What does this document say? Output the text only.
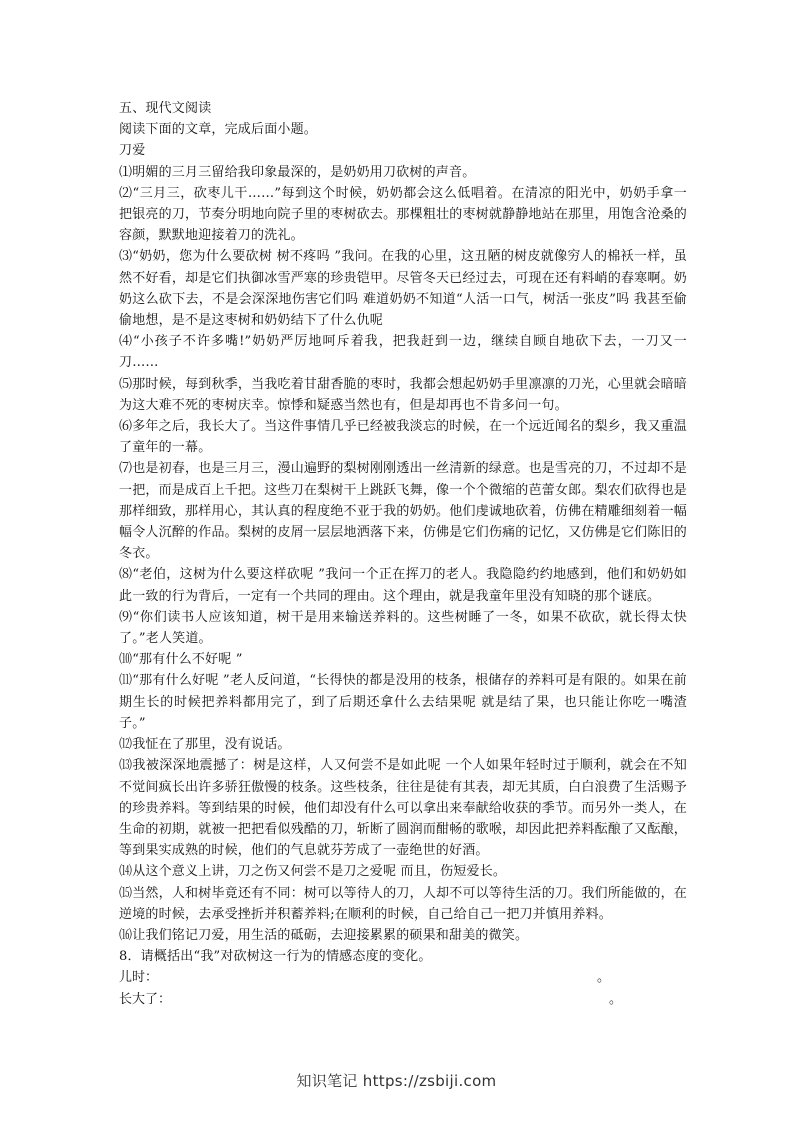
五、现代文阅读

阅读下面的文章，完成后面小题。

刀爱

⑴明媚的三月三留给我印象最深的，是奶奶用刀砍树的声音。

⑵“三月三，砍枣儿干……”每到这个时候，奶奶都会这么低唱着。在清凉的阳光中，奶奶手拿一把银亮的刀，节奏分明地向院子里的枣树砍去。那棵粗壮的枣树就静静地站在那里，用饱含沧桑的容颜，默默地迎接着刀的洗礼。

⑶“奶奶，您为什么要砍树 树不疼吗 ”我问。在我的心里，这丑陋的树皮就像穷人的棉袄一样，虽然不好看，却是它们执御冰雪严寒的珍贵铠甲。尽管冬天已经过去，可现在还有料峭的春寒啊。奶奶这么砍下去，不是会深深地伤害它们吗 难道奶奶不知道“人活一口气，树活一张皮”吗 我甚至偷偷地想，是不是这枣树和奶奶结下了什么仇呢

⑷“小孩子不许多嘴!”奶奶严厉地呵斥着我，把我赶到一边，继续自顾自地砍下去，一刀又一刀……

⑸那时候，每到秋季，当我吃着甘甜香脆的枣时，我都会想起奶奶手里凛凛的刀光，心里就会暗暗为这大难不死的枣树庆幸。惊悸和疑惑当然也有，但是却再也不肯多问一句。

⑹多年之后，我长大了。当这件事情几乎已经被我淡忘的时候，在一个远近闻名的梨乡，我又重温了童年的一幕。

⑺也是初春，也是三月三，漫山遍野的梨树刚刚透出一丝清新的绿意。也是雪亮的刀，不过却不是一把，而是成百上千把。这些刀在梨树干上跳跃飞舞，像一个个微缩的芭蕾女郎。梨农们砍得也是那样细致，那样用心，其认真的程度绝不亚于我的奶奶。他们虔诚地砍着，仿佛在精雕细刻着一幅幅令人沉醉的作品。梨树的皮屑一层层地洒落下来，仿佛是它们伤痛的记忆，又仿佛是它们陈旧的冬衣。

⑻“老伯，这树为什么要这样砍呢 ”我问一个正在挥刀的老人。我隐隐约约地感到，他们和奶奶如此一致的行为背后，一定有一个共同的理由。这个理由，就是我童年里没有知晓的那个谜底。

⑼“你们读书人应该知道，树干是用来输送养料的。这些树睡了一冬，如果不砍砍，就长得太快了。”老人笑道。

⑽“那有什么不好呢 ”

⑾“那有什么好呢 ”老人反问道，“长得快的都是没用的枝条，根储存的养料可是有限的。如果在前期生长的时候把养料都用完了，到了后期还拿什么去结果呢 就是结了果，也只能让你吃一嘴渣子。”

⑿我怔在了那里，没有说话。

⒀我被深深地震撼了：树是这样，人又何尝不是如此呢 一个人如果年轻时过于顺利，就会在不知不觉间疯长出许多骄狂傲慢的枝条。这些枝条，往往是徒有其表，却无其质，白白浪费了生活赐予的珍贵养料。等到结果的时候，他们却没有什么可以拿出来奉献给收获的季节。而另外一类人，在生命的初期，就被一把把看似残酷的刀，斩断了圆润而酣畅的歌喉，却因此把养料酝酿了又酝酿，等到果实成熟的时候，他们的气息就芬芳成了一壶绝世的好酒。

⒁从这个意义上讲，刀之伤又何尝不是刀之爱呢 而且，伤短爱长。

⒂当然，人和树毕竟还有不同：树可以等待人的刀，人却不可以等待生活的刀。我们所能做的，在逆境的时候，去承受挫折并积蓄养料;在顺利的时候，自己给自己一把刀并慎用养料。

⒃让我们铭记刀爱，用生活的砥砺，去迎接累累的硕果和甜美的微笑。

8．请概括出“我”对砍树这一行为的情感态度的变化。

儿时：	。
长大了：	。
知识笔记 https://zsbiji.com
